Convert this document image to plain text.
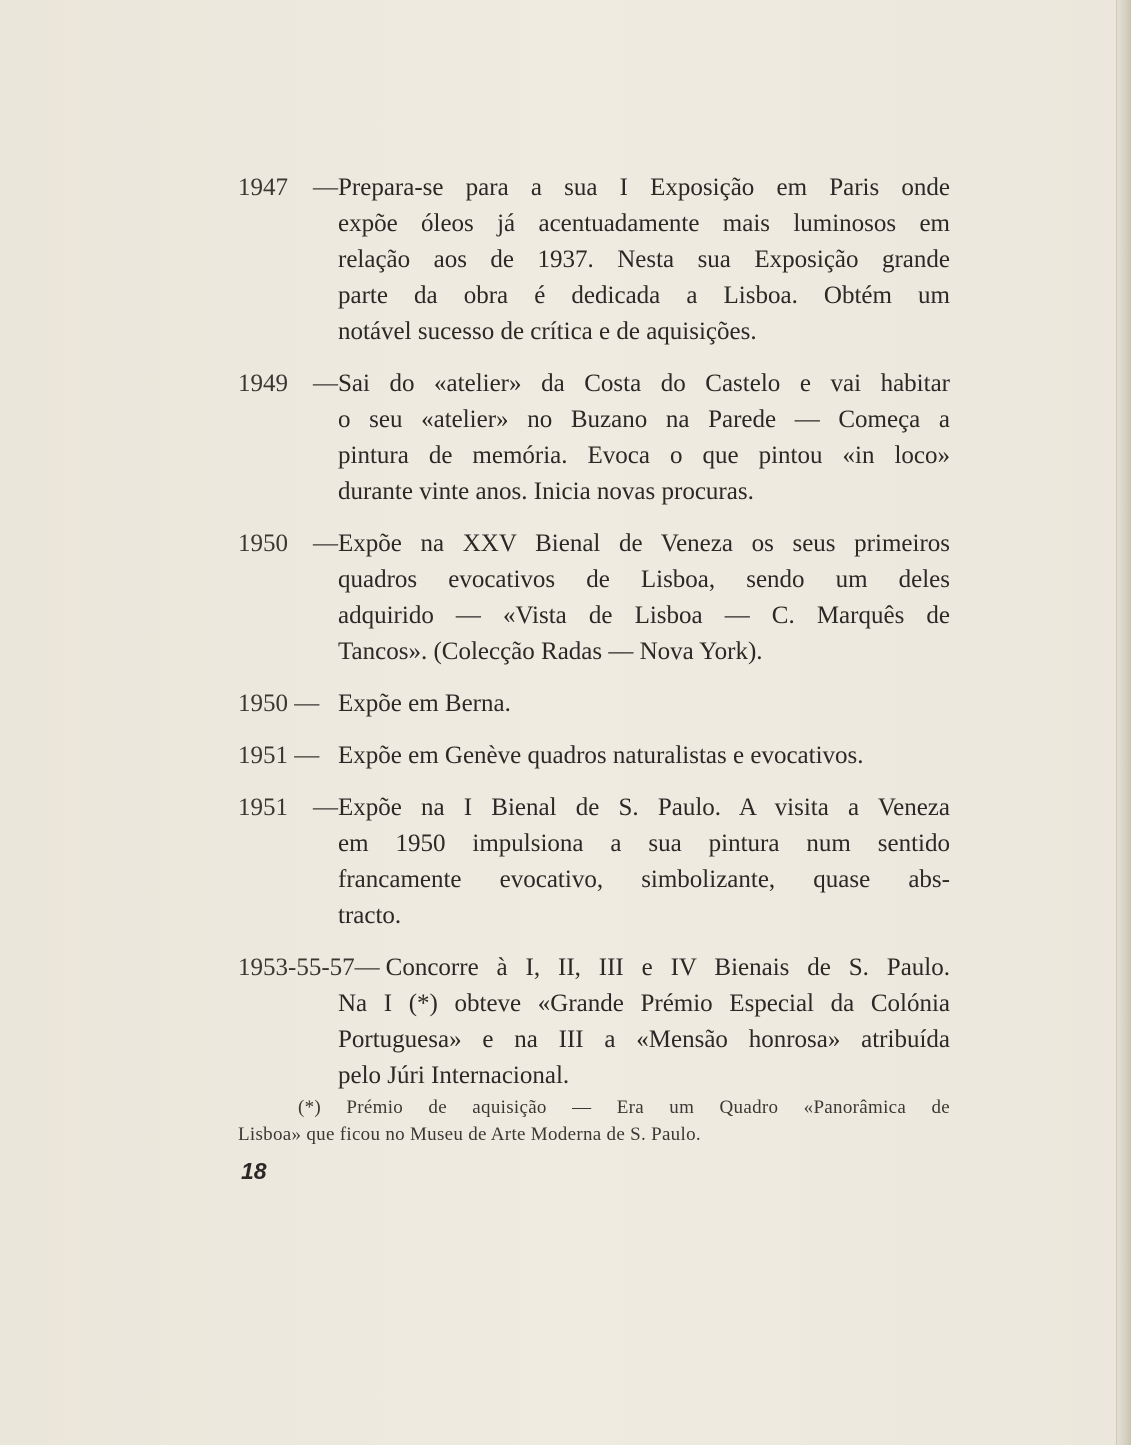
1947 —Prepara-se para a sua I Exposição em Paris onde
expõe óleos já acentuadamente mais luminosos em
relação aos de 1937. Nesta sua Exposição grande
parte da obra é dedicada a Lisboa. Obtém um
notável sucesso de crítica e de aquisições.
1949 —Sai do «atelier» da Costa do Castelo e vai habitar
o seu «atelier» no Buzano na Parede — Começa a
pintura de memória. Evoca o que pintou «in loco»
durante vinte anos. Inicia novas procuras.
1950 —Expõe na XXV Bienal de Veneza os seus primeiros
quadros evocativos de Lisboa, sendo um deles
adquirido — «Vista de Lisboa — C. Marquês de
Tancos». (Colecção Radas — Nova York).
1950 — Expõe em Berna.
1951 — Expõe em Genève quadros naturalistas e evocativos.
1951 —Expõe na I Bienal de S. Paulo. A visita a Veneza
em 1950 impulsiona a sua pintura num sentido
francamente evocativo, simbolizante, quase abs-
tracto.
1953-55-57— Concorre à I, II, III e IV Bienais de S. Paulo.
Na I (*) obteve «Grande Prémio Especial da Colónia
Portuguesa» e na III a «Mensão honrosa» atribuída
pelo Júri Internacional.
(*) Prémio de aquisição — Era um Quadro «Panorâmica de
Lisboa» que ficou no Museu de Arte Moderna de S. Paulo.
18
